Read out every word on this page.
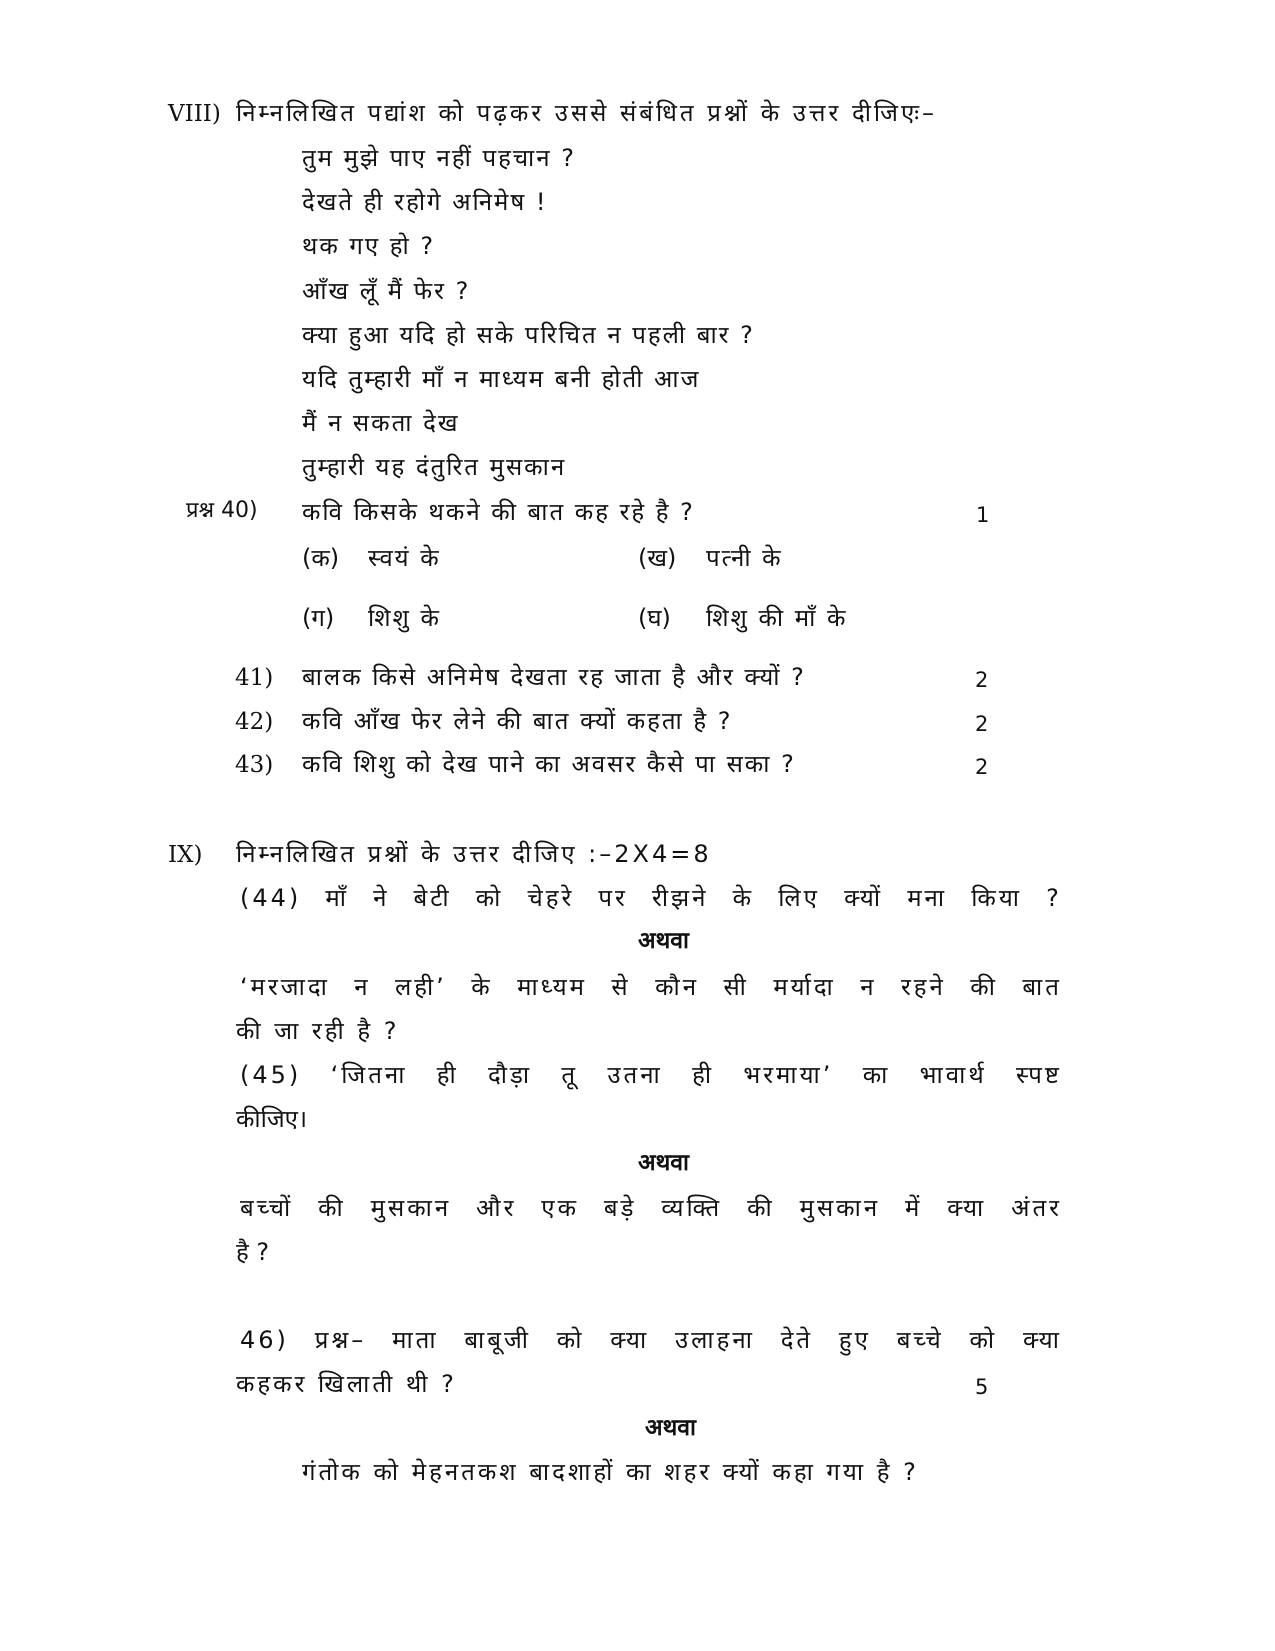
VIII) निम्नलिखित पद्यांश को पढ़कर उससे संबंधित प्रश्नों के उत्तर दीजिएः–
तुम मुझे पाए नहीं पहचान ?
देखते ही रहोगे अनिमेष !
थक गए हो ?
आँख लूँ मैं फेर ?
क्या हुआ यदि हो सके परिचित न पहली बार ?
यदि तुम्हारी माँ न माध्यम बनी होती आज
मैं न सकता देख
तुम्हारी यह दंतुरित मुसकान
प्रश्न 40) कवि किसके थकने की बात कह रहे है ?	1
(क) स्वयं के	(ख) पत्नी के
(ग) शिशु के	(घ) शिशु की माँ के
41) बालक किसे अनिमेष देखता रह जाता है और क्यों ?	2
42) कवि आँख फेर लेने की बात क्यों कहता है ?	2
43) कवि शिशु को देख पाने का अवसर कैसे पा सका ?	2
IX) निम्नलिखित प्रश्नों के उत्तर दीजिए :–2X4=8
(44) माँ ने बेटी को चेहरे पर रीझने के लिए क्यों मना किया ?
अथवा
‘मरजादा न लही’ के माध्यम से कौन सी मर्यादा न रहने की बात
की जा रही है ?
(45) ‘जितना ही दौड़ा तू उतना ही भरमाया’ का भावार्थ स्पष्ट
कीजिए।
अथवा
बच्चों की मुसकान और एक बड़े व्यक्ति की मुसकान में क्या अंतर
है ?
46) प्रश्न– माता बाबूजी को क्या उलाहना देते हुए बच्चे को क्या
कहकर खिलाती थी ?	5
अथवा
गंतोक को मेहनतकश बादशाहों का शहर क्यों कहा गया है ?
